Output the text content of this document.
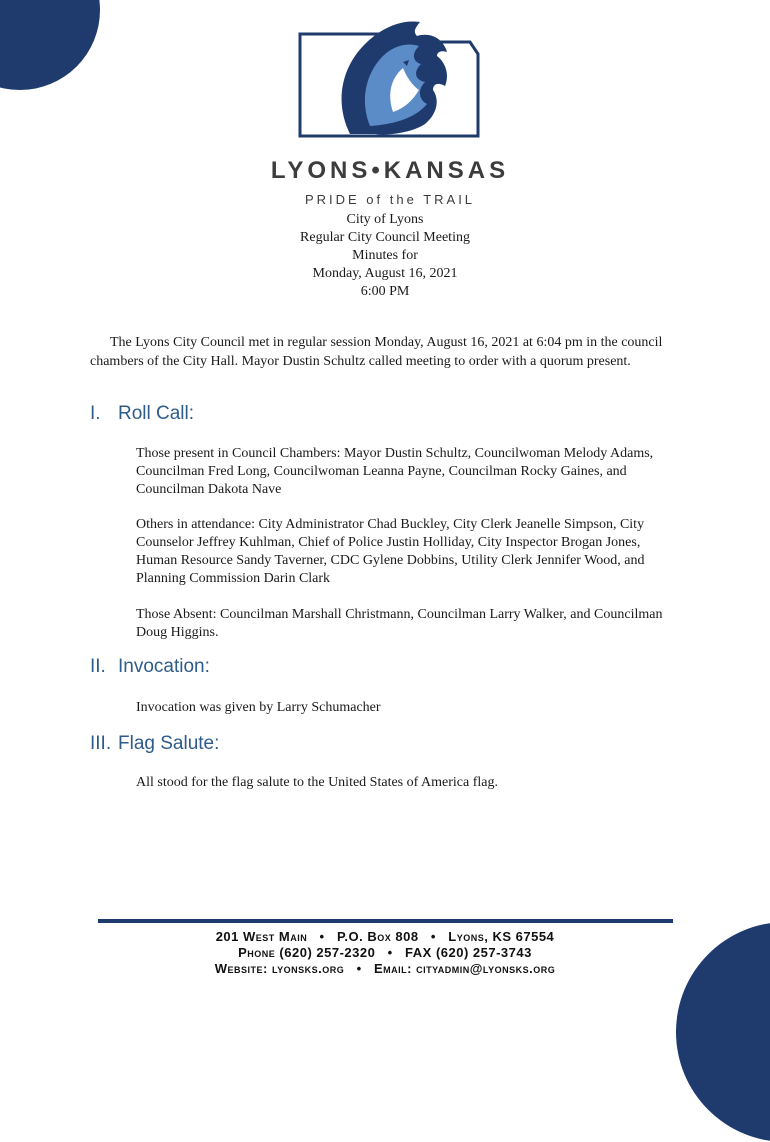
LYONS•KANSAS
PRIDE of the TRAIL
City of Lyons
Regular City Council Meeting
Minutes for
Monday, August 16, 2021
6:00 PM

The Lyons City Council met in regular session Monday, August 16, 2021 at 6:04 pm in the council chambers of the City Hall. Mayor Dustin Schultz called meeting to order with a quorum present.

I. Roll Call:

Those present in Council Chambers: Mayor Dustin Schultz, Councilwoman Melody Adams, Councilman Fred Long, Councilwoman Leanna Payne, Councilman Rocky Gaines, and Councilman Dakota Nave

Others in attendance: City Administrator Chad Buckley, City Clerk Jeanelle Simpson, City Counselor Jeffrey Kuhlman, Chief of Police Justin Holliday, City Inspector Brogan Jones, Human Resource Sandy Taverner, CDC Gylene Dobbins, Utility Clerk Jennifer Wood, and Planning Commission Darin Clark

Those Absent: Councilman Marshall Christmann, Councilman Larry Walker, and Councilman Doug Higgins.

II. Invocation:

Invocation was given by Larry Schumacher

III. Flag Salute:

All stood for the flag salute to the United States of America flag.

201 West Main   •   P.O. Box 808   •   Lyons, KS 67554
Phone (620) 257-2320   •   FAX (620) 257-3743
Website: lyonsks.org   •   Email: cityadmin@lyonsks.org
